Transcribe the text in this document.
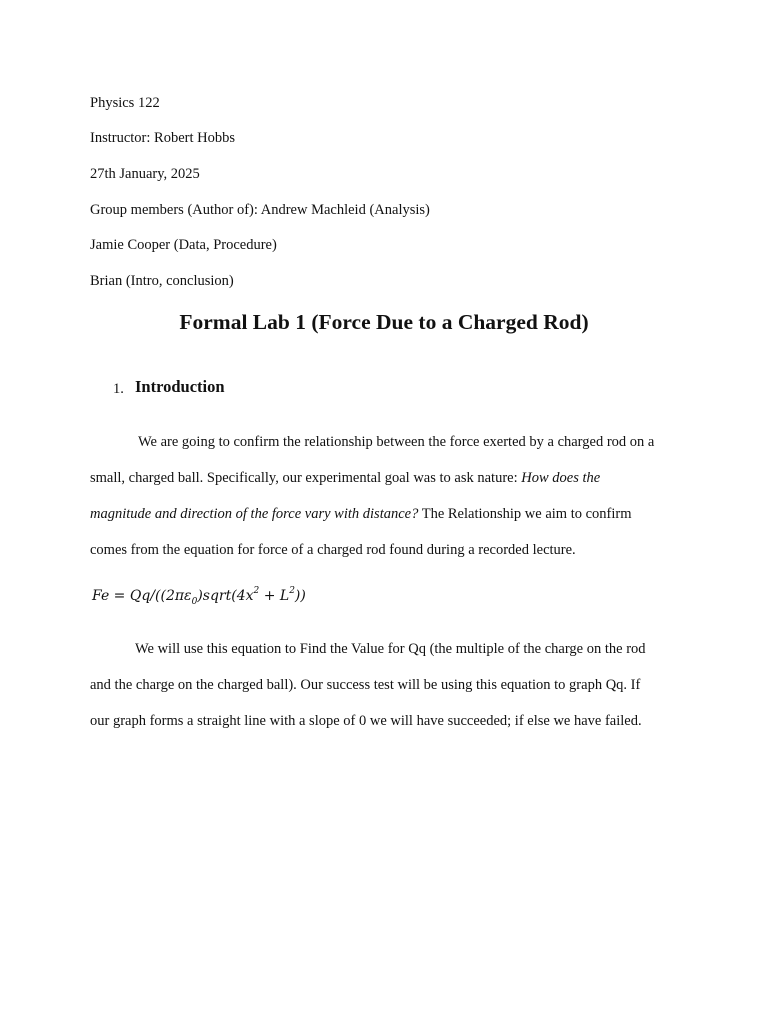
Physics 122
Instructor: Robert Hobbs
27th January, 2025
Group members (Author of): Andrew Machleid (Analysis)
Jamie Cooper (Data, Procedure)
Brian (Intro, conclusion)
Formal Lab 1 (Force Due to a Charged Rod)
1. Introduction
We are going to confirm the relationship between the force exerted by a charged rod on a
small, charged ball. Specifically, our experimental goal was to ask nature: How does the
magnitude and direction of the force vary with distance? The Relationship we aim to confirm
comes from the equation for force of a charged rod found during a recorded lecture.
$Fe = Qq/((2\pi\varepsilon_0)sqrt(4x^2 + L^2))$
We will use this equation to Find the Value for Qq (the multiple of the charge on the rod
and the charge on the charged ball). Our success test will be using this equation to graph Qq. If
our graph forms a straight line with a slope of 0 we will have succeeded; if else we have failed.
